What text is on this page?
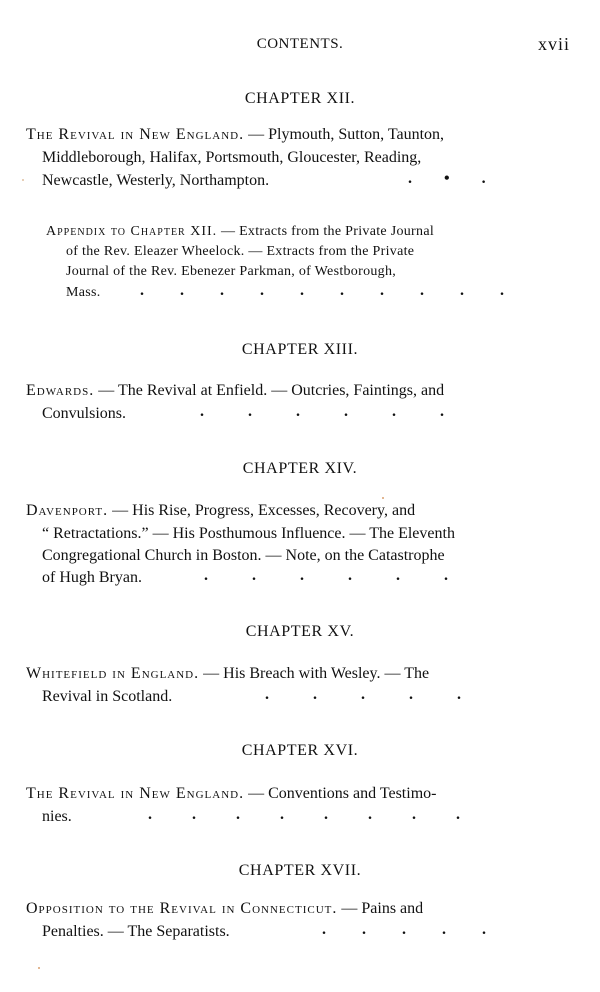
CONTENTS.	xvii
CHAPTER XII.
The Revival in New England. — Plymouth, Sutton, Taunton,
Middleborough, Halifax, Portsmouth, Gloucester, Reading,
Newcastle, Westerly, Northampton.	.        •        .
Appendix to Chapter XII. — Extracts from the Private Journal
of the Rev. Eleazer Wheelock. — Extracts from the Private
Journal of the Rev. Ebenezer Parkman, of Westborough,
Mass. .         .         .         .         .         .         .         .         .         .
CHAPTER XIII.
Edwards. — The Revival at Enfield. — Outcries, Faintings, and
Convulsions.	.           .           .           .           .           .
CHAPTER XIV.
Davenport. — His Rise, Progress, Excesses, Recovery, and
“ Retractations.” — His Posthumous Influence. — The Eleventh
Congregational Church in Boston. — Note, on the Catastrophe
of Hugh Bryan.	.           .           .           .           .           .
CHAPTER XV.
Whitefield in England. — His Breach with Wesley. — The
Revival in Scotland.	.           .           .           .           .
CHAPTER XVI.
The Revival in New England. — Conventions and Testimo-
nies.	.          .          .          .          .          .          .          .
CHAPTER XVII.
Opposition to the Revival in Connecticut. — Pains and
Penalties. — The Separatists.	.         .         .         .         .
